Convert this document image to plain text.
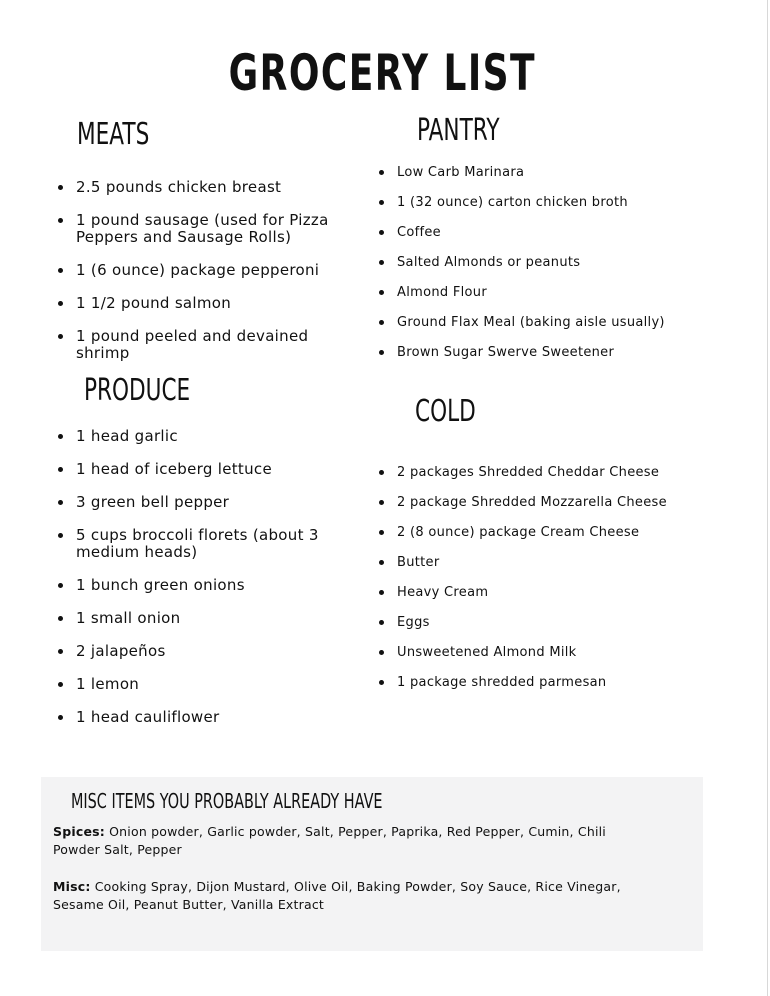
GROCERY LIST
MEATS
2.5 pounds chicken breast
1 pound sausage (used for Pizza Peppers and Sausage Rolls)
1 (6 ounce) package pepperoni
1 1/2 pound salmon
1 pound peeled and devained shrimp
PRODUCE
1 head garlic
1 head of iceberg lettuce
3 green bell pepper
5 cups broccoli florets (about 3 medium heads)
1 bunch green onions
1 small onion
2 jalapeños
1 lemon
1 head cauliflower
PANTRY
Low Carb Marinara
1 (32 ounce) carton chicken broth
Coffee
Salted Almonds or peanuts
Almond Flour
Ground Flax Meal (baking aisle usually)
Brown Sugar Swerve Sweetener
COLD
2 packages Shredded Cheddar Cheese
2 package Shredded Mozzarella Cheese
2 (8 ounce) package Cream Cheese
Butter
Heavy Cream
Eggs
Unsweetened Almond Milk
1 package shredded parmesan
MISC ITEMS YOU PROBABLY ALREADY HAVE

Spices: Onion powder, Garlic powder, Salt, Pepper, Paprika, Red Pepper, Cumin, Chili Powder Salt, Pepper

Misc: Cooking Spray, Dijon Mustard, Olive Oil, Baking Powder, Soy Sauce, Rice Vinegar, Sesame Oil, Peanut Butter, Vanilla Extract
